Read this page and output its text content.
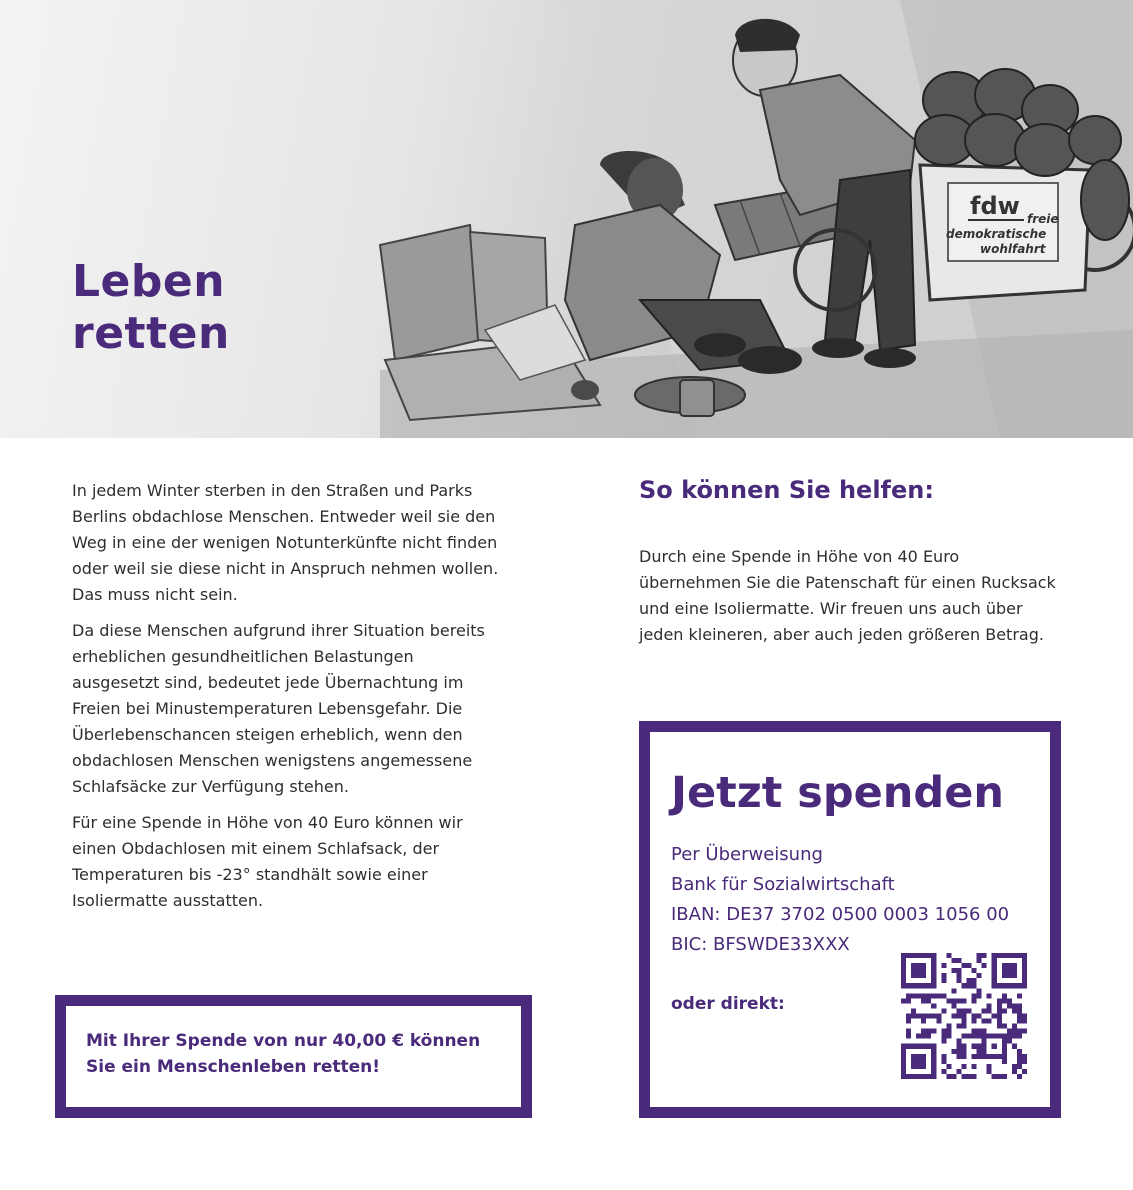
fdw freie
demokratische
wohlfahrt
Leben
retten

In jedem Winter sterben in den Straßen und Parks Berlins obdachlose Menschen. Entweder weil sie den Weg in eine der wenigen Notunterkünfte nicht finden oder weil sie diese nicht in Anspruch nehmen wollen. Das muss nicht sein.

Da diese Menschen aufgrund ihrer Situation bereits erheblichen gesundheitlichen Belastungen ausgesetzt sind, bedeutet jede Übernachtung im Freien bei Minustemperaturen Lebensgefahr. Die Überlebenschancen steigen erheblich, wenn den obdachlosen Menschen wenigstens angemessene Schlafsäcke zur Verfügung stehen.

Für eine Spende in Höhe von 40 Euro können wir einen Obdachlosen mit einem Schlafsack, der Temperaturen bis -23° standhält sowie einer Isoliermatte ausstatten.

Mit Ihrer Spende von nur 40,00 € können Sie ein Menschenleben retten!

So können Sie helfen:
Durch eine Spende in Höhe von 40 Euro übernehmen Sie die Patenschaft für einen Rucksack und eine Isoliermatte. Wir freuen uns auch über jeden kleineren, aber auch jeden größeren Betrag.
Jetzt spenden
Per Überweisung
Bank für Sozialwirtschaft
IBAN: DE37 3702 0500 0003 1056 00
BIC: BFSWDE33XXX
oder direkt:
